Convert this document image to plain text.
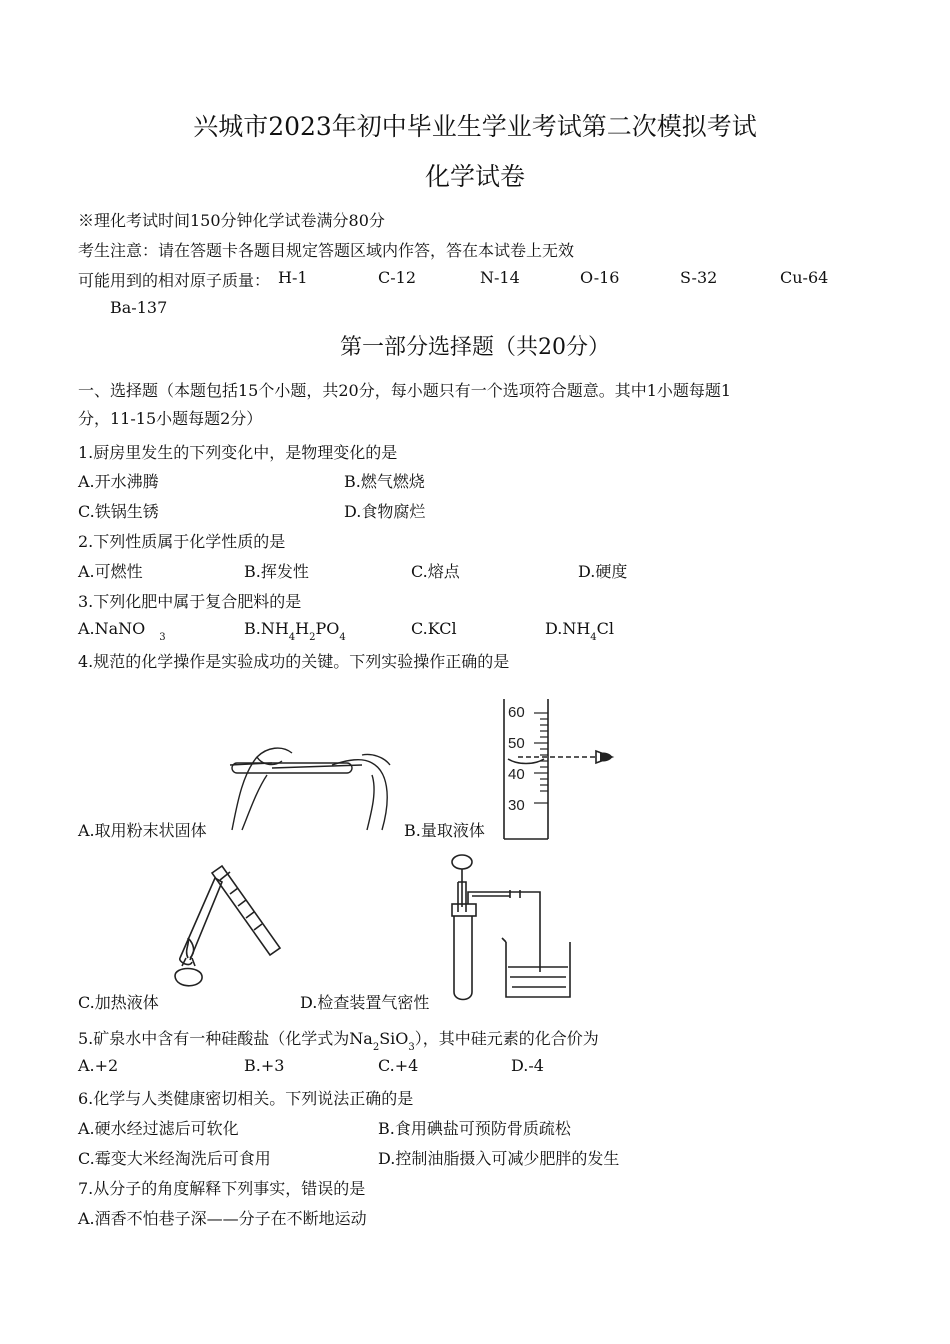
兴城市2023年初中毕业生学业考试第二次模拟考试
化学试卷
※理化考试时间150分钟化学试卷满分80分
考生注意：请在答题卡各题目规定答题区域内作答，答在本试卷上无效
可能用到的相对原子质量： H-1	C-12	N-14	O-16	S-32	Cu-64
Ba-137
第一部分选择题（共20分）
一、选择题（本题包括15个小题，共20分，每小题只有一个选项符合题意。其中1小题每题1
分，11-15小题每题2分）
1.厨房里发生的下列变化中，是物理变化的是
A.开水沸腾	B.燃气燃烧
C.铁锅生锈	D.食物腐烂
2.下列性质属于化学性质的是
A.可燃性	B.挥发性	C.熔点	D.硬度
3.下列化肥中属于复合肥料的是
A.NaNO $_3$	$B.NH_4H_2PO_4$	C.KCl	$D.NH_4Cl$
4.规范的化学操作是实验成功的关键。下列实验操作正确的是
60
50
40
30
A.取用粉末状固体	B.量取液体
C.加热液体	D.检查装置气密性
5.矿泉水中含有一种硅酸盐（化学式为$Na_2SiO_3$），其中硅元素的化合价为
A.+2	B.+3	C.+4	D.-4
6.化学与人类健康密切相关。下列说法正确的是
A.硬水经过滤后可软化	B.食用碘盐可预防骨质疏松
C.霉变大米经淘洗后可食用	D.控制油脂摄入可减少肥胖的发生
7.从分子的角度解释下列事实，错误的是
A.酒香不怕巷子深——分子在不断地运动
